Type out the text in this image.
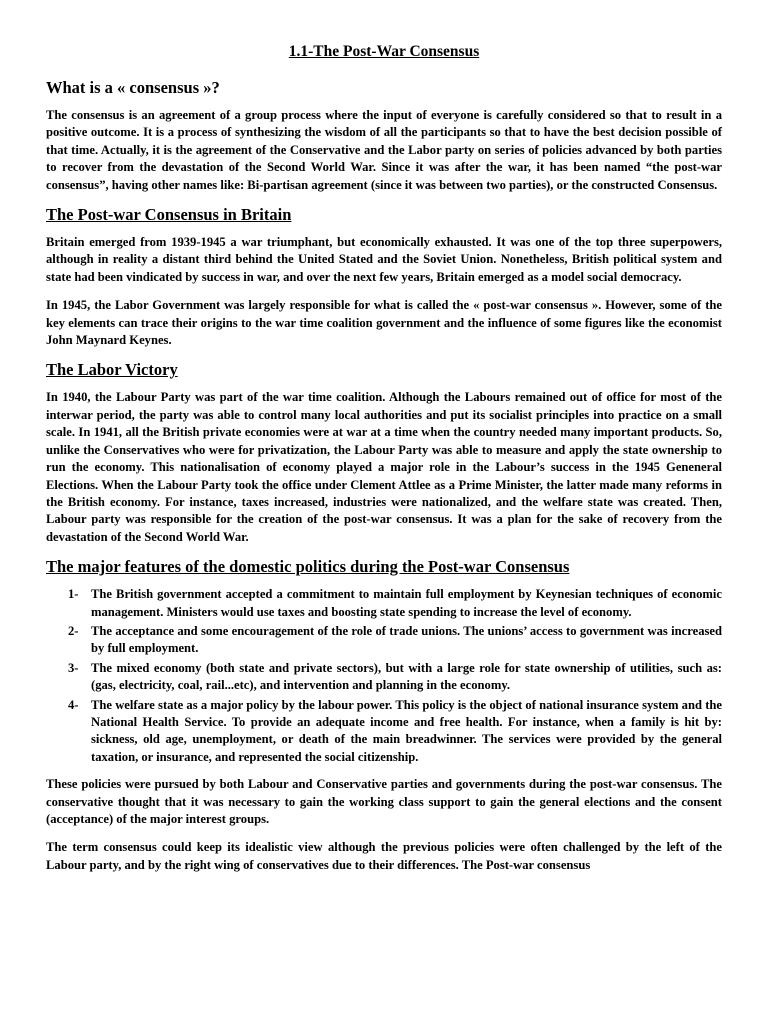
1.1-The Post-War Consensus
What is a « consensus »?

The consensus is an agreement of a group process where the input of everyone is carefully considered so that to result in a positive outcome. It is a process of synthesizing the wisdom of all the participants so that to have the best decision possible of that time. Actually, it is the agreement of the Conservative and the Labor party on series of policies advanced by both parties to recover from the devastation of the Second World War. Since it was after the war, it has been named “the post-war consensus”, having other names like: Bi-partisan agreement (since it was between two parties), or the constructed Consensus.

The Post-war Consensus in Britain

Britain emerged from 1939-1945 a war triumphant, but economically exhausted. It was one of the top three superpowers, although in reality a distant third behind the United Stated and the Soviet Union. Nonetheless, British political system and state had been vindicated by success in war, and over the next few years, Britain emerged as a model social democracy.

In 1945, the Labor Government was largely responsible for what is called the « post-war consensus ». However, some of the key elements can trace their origins to the war time coalition government and the influence of some figures like the economist John Maynard Keynes.

The Labor Victory

In 1940, the Labour Party was part of the war time coalition. Although the Labours remained out of office for most of the interwar period, the party was able to control many local authorities and put its socialist principles into practice on a small scale. In 1941, all the British private economies were at war at a time when the country needed many important products. So, unlike the Conservatives who were for privatization, the Labour Party was able to measure and apply the state ownership to run the economy. This nationalisation of economy played a major role in the Labour’s success in the 1945 Geneneral Elections. When the Labour Party took the office under Clement Attlee as a Prime Minister, the latter made many reforms in the British economy. For instance, taxes increased, industries were nationalized, and the welfare state was created. Then, Labour party was responsible for the creation of the post-war consensus. It was a plan for the sake of recovery from the devastation of the Second World War.

The major features of the domestic politics during the Post-war Consensus
1- The British government accepted a commitment to maintain full employment by Keynesian techniques of economic management. Ministers would use taxes and boosting state spending to increase the level of economy.
2- The acceptance and some encouragement of the role of trade unions. The unions’ access to government was increased by full employment.
3- The mixed economy (both state and private sectors), but with a large role for state ownership of utilities, such as: (gas, electricity, coal, rail...etc), and intervention and planning in the economy.
4- The welfare state as a major policy by the labour power. This policy is the object of national insurance system and the National Health Service. To provide an adequate income and free health. For instance, when a family is hit by: sickness, old age, unemployment, or death of the main breadwinner. The services were provided by the general taxation, or insurance, and represented the social citizenship.

These policies were pursued by both Labour and Conservative parties and governments during the post-war consensus. The conservative thought that it was necessary to gain the working class support to gain the general elections and the consent (acceptance) of the major interest groups.

The term consensus could keep its idealistic view although the previous policies were often challenged by the left of the Labour party, and by the right wing of conservatives due to their differences. The Post-war consensus
